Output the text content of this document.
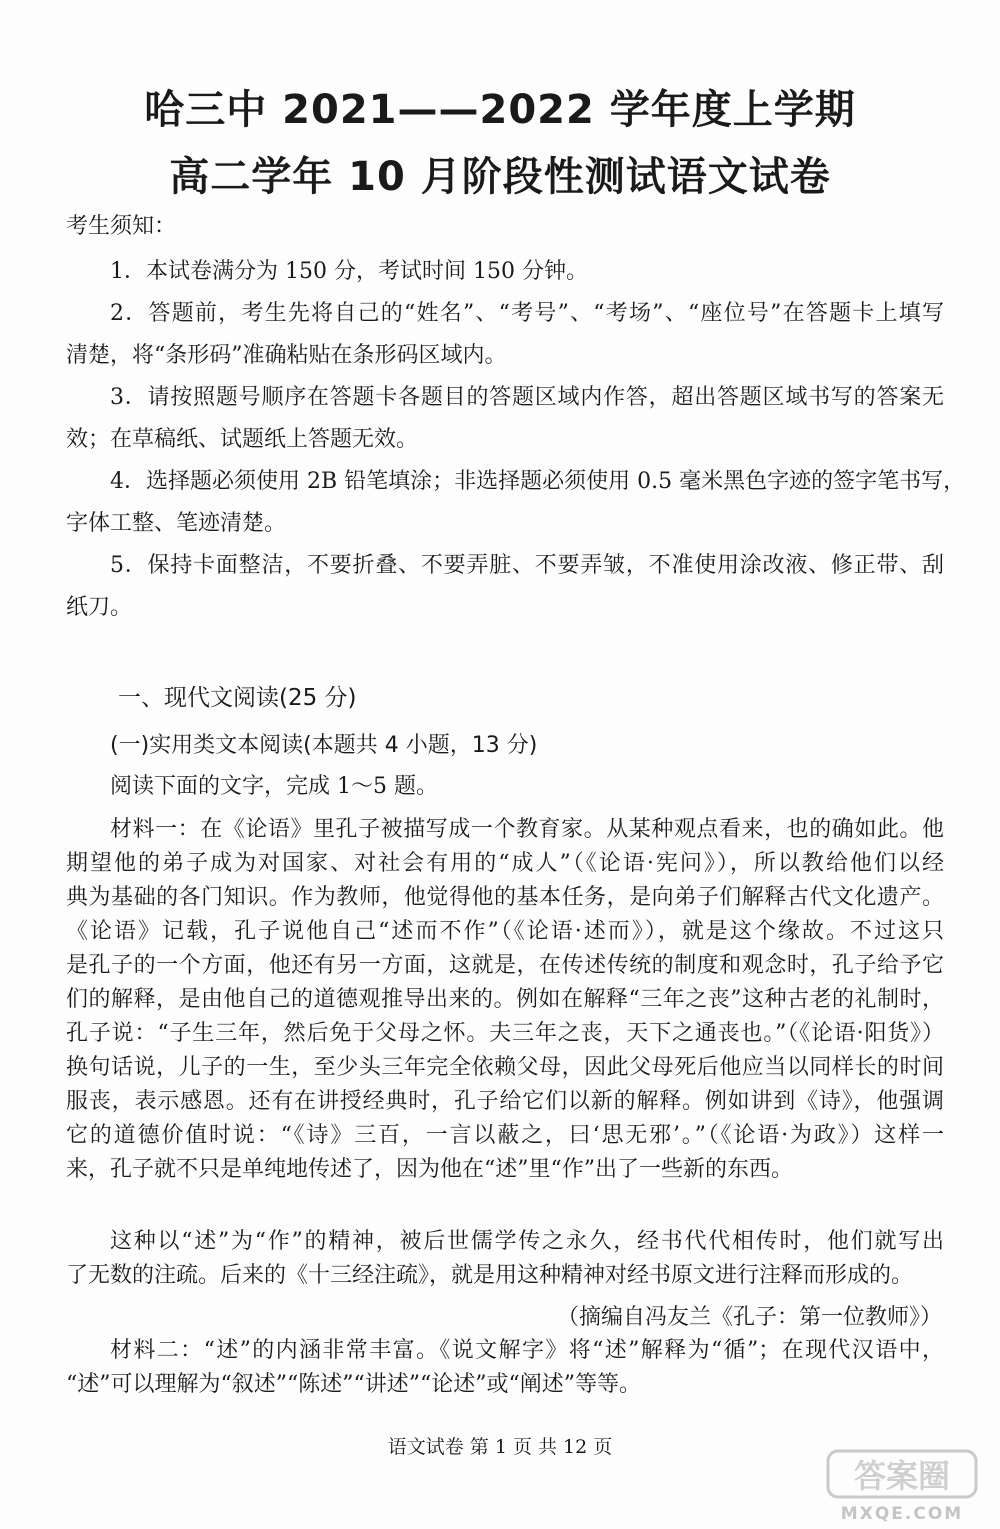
哈三中 2021——2022 学年度上学期
高二学年 10 月阶段性测试语文试卷
考生须知：
1．本试卷满分为 150 分，考试时间 150 分钟。
2．答题前，考生先将自己的“姓名”、“考号”、“考场”、“座位号”在答题卡上填写
清楚，将“条形码”准确粘贴在条形码区域内。
3．请按照题号顺序在答题卡各题目的答题区域内作答，超出答题区域书写的答案无
效；在草稿纸、试题纸上答题无效。
4．选择题必须使用 2B 铅笔填涂；非选择题必须使用 0.5 毫米黑色字迹的签字笔书写，
字体工整、笔迹清楚。
5．保持卡面整洁，不要折叠、不要弄脏、不要弄皱，不准使用涂改液、修正带、刮
纸刀。
一、现代文阅读(25 分)
(一)实用类文本阅读(本题共 4 小题，13 分)
阅读下面的文字，完成 1～5 题。
材料一：在《论语》里孔子被描写成一个教育家。从某种观点看来，也的确如此。他
期望他的弟子成为对国家、对社会有用的“成人”（《论语·宪问》），所以教给他们以经
典为基础的各门知识。作为教师，他觉得他的基本任务，是向弟子们解释古代文化遗产。
《论语》记载，孔子说他自己“述而不作”（《论语·述而》），就是这个缘故。不过这只
是孔子的一个方面，他还有另一方面，这就是，在传述传统的制度和观念时，孔子给予它
们的解释，是由他自己的道德观推导出来的。例如在解释“三年之丧”这种古老的礼制时，
孔子说：“子生三年，然后免于父母之怀。夫三年之丧，天下之通丧也。”（《论语·阳货》）
换句话说，儿子的一生，至少头三年完全依赖父母，因此父母死后他应当以同样长的时间
服丧，表示感恩。还有在讲授经典时，孔子给它们以新的解释。例如讲到《诗》，他强调
它的道德价值时说：“《诗》三百，一言以蔽之，曰‘思无邪’。”（《论语·为政》）这样一
来，孔子就不只是单纯地传述了，因为他在“述”里“作”出了一些新的东西。
这种以“述”为“作”的精神，被后世儒学传之永久，经书代代相传时，他们就写出
了无数的注疏。后来的《十三经注疏》，就是用这种精神对经书原文进行注释而形成的。
（摘编自冯友兰《孔子：第一位教师》）
材料二：“述”的内涵非常丰富。《说文解字》将“述”解释为“循”；在现代汉语中，
“述”可以理解为“叙述”“陈述”“讲述”“论述”或“阐述”等等。
语文试卷 第 1 页 共 12 页
答案圈
MXQE.COM
